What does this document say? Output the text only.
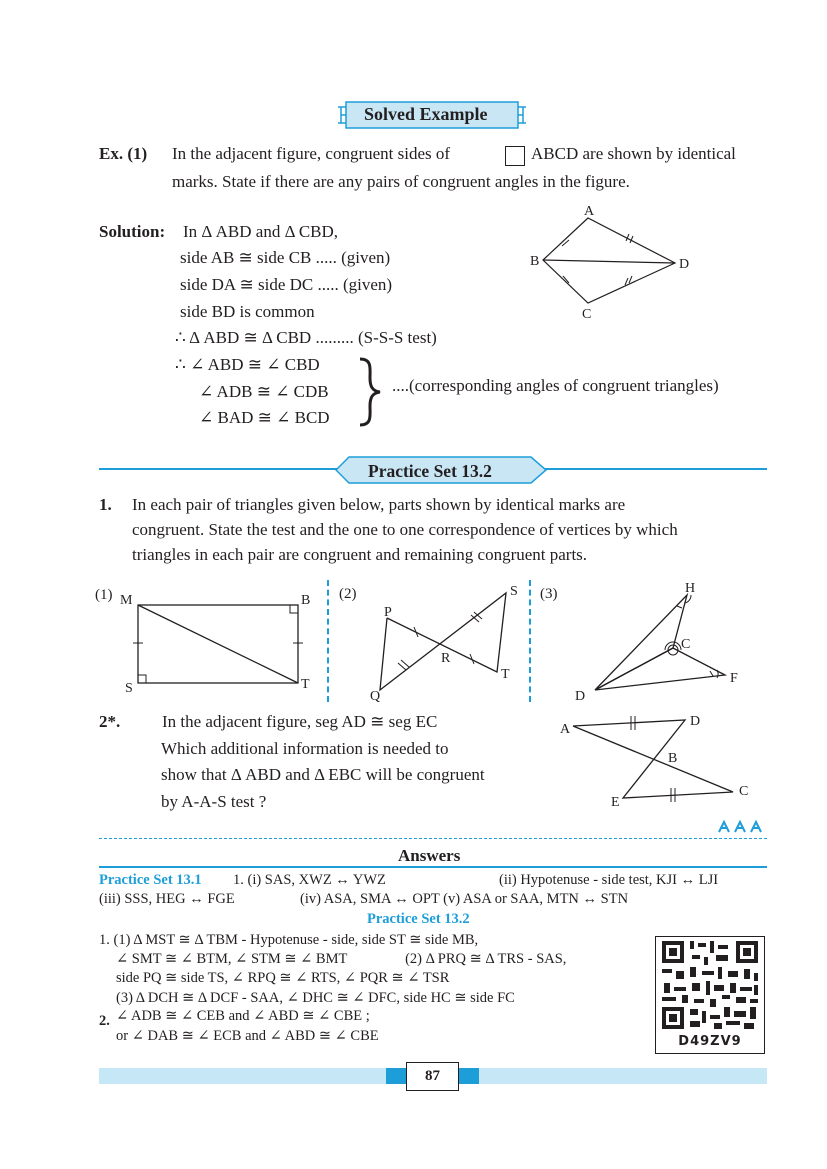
Solved Example
Ex. (1) In the adjacent figure, congruent sides of	ABCD are shown by identical
marks. State if there are any pairs of congruent angles in the figure.
A
B
C
D
Solution: In Δ ABD and Δ CBD,
side AB ≅ side CB ..... (given)
side DA ≅ side DC ..... (given)
side BD is common
∴ Δ ABD ≅ Δ CBD ......... (S-S-S test)
∴ ∠ ABD ≅ ∠ CBD
∠ ADB ≅ ∠ CDB
∠ BAD ≅ ∠ BCD
....(corresponding angles of congruent triangles)
Practice Set 13.2
1. In each pair of triangles given below, parts shown by identical marks are
congruent. State the test and the one to one correspondence of vertices by which
triangles in each pair are congruent and remaining congruent parts.
(1) M	B
S	T
(2)
P
S
R
T
Q
(3)	H
C
F
D
2*. In the adjacent figure, seg AD ≅ seg EC
Which additional information is needed to
show that Δ ABD and Δ EBC will be congruent
by A-A-S test ?
A
D
B
C
E
Answers
Practice Set 13.1 1. (i) SAS, XWZ ↔ YWZ	(ii) Hypotenuse - side test, KJI ↔ LJI
(iii) SSS, HEG ↔ FGE	(iv) ASA, SMA ↔ OPT (v) ASA or SAA, MTN ↔ STN
Practice Set 13.2
1. (1) Δ MST ≅ Δ TBM - Hypotenuse - side, side ST ≅ side MB,
∠ SMT ≅ ∠ BTM, ∠ STM ≅ ∠ BMT                (2) Δ PRQ ≅ Δ TRS - SAS,
side PQ ≅ side TS, ∠ RPQ ≅ ∠ RTS, ∠ PQR ≅ ∠ TSR
(3) Δ DCH ≅ Δ DCF - SAA, ∠ DHC ≅ ∠ DFC, side HC ≅ side FC
2. ∠ ADB ≅ ∠ CEB and ∠ ABD ≅ ∠ CBE ;
or ∠ DAB ≅ ∠ ECB and ∠ ABD ≅ ∠ CBE	D49ZV9
87
